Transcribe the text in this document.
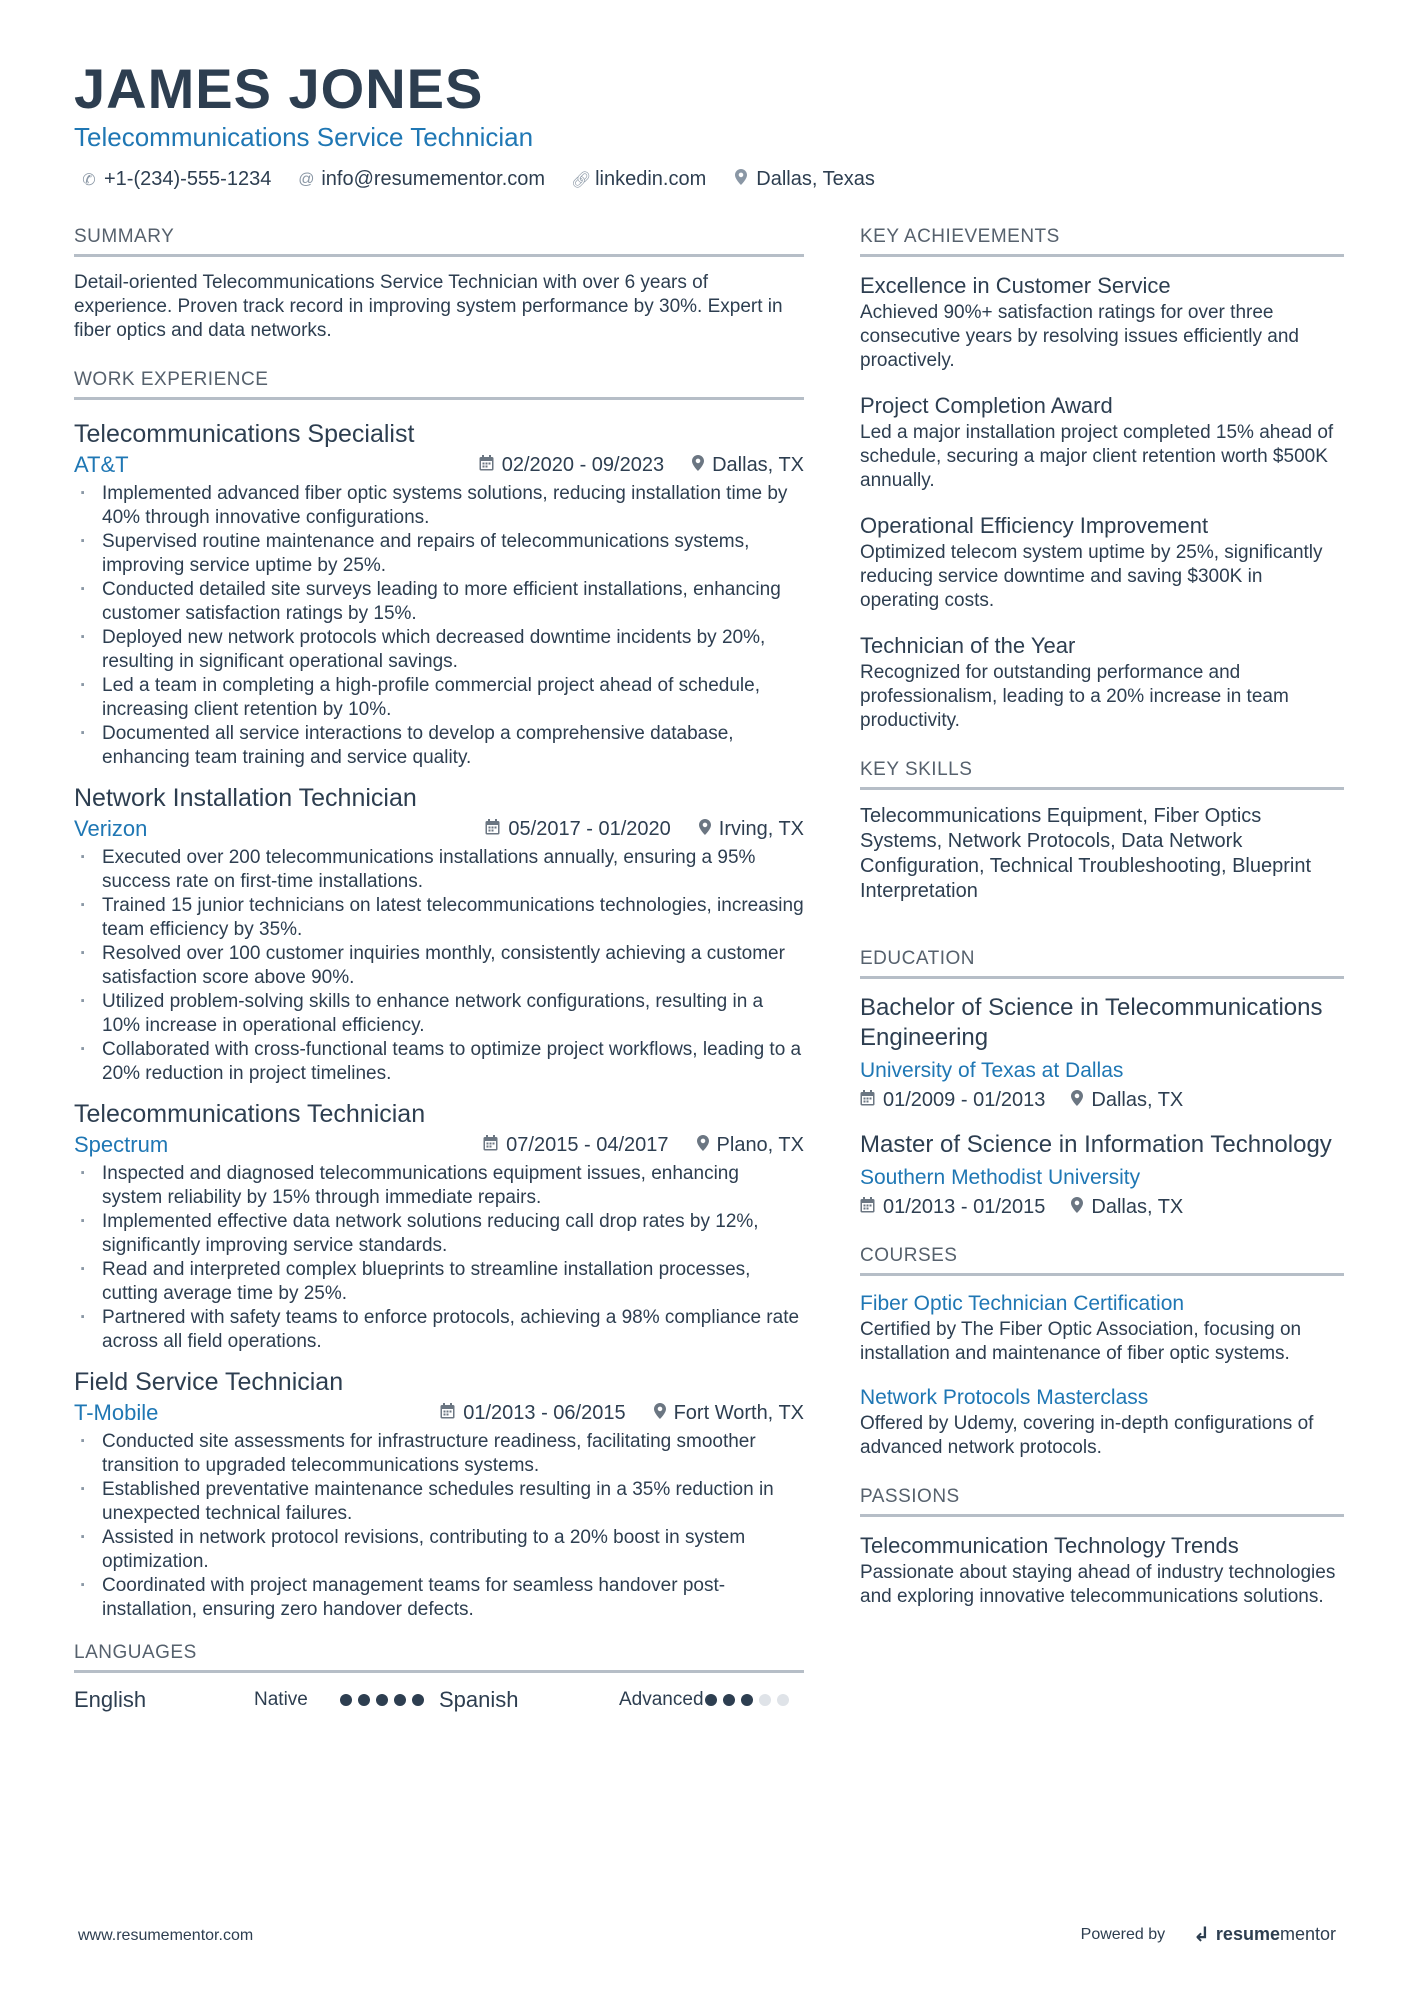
JAMES JONES
Telecommunications Service Technician
✆ +1-(234)-555-1234 @ info@resumementor.com 🔗︎ linkedin.com	Dallas, Texas
SUMMARY
Detail-oriented Telecommunications Service Technician with over 6 years of experience. Proven track record in improving system performance by 30%. Expert in fiber optics and data networks.
WORK EXPERIENCE
Telecommunications Specialist
AT&T	02/2020 - 09/2023 Dallas, TX
· Implemented advanced fiber optic systems solutions, reducing installation time by 40% through innovative configurations.
· Supervised routine maintenance and repairs of telecommunications systems, improving service uptime by 25%.
· Conducted detailed site surveys leading to more efficient installations, enhancing customer satisfaction ratings by 15%.
· Deployed new network protocols which decreased downtime incidents by 20%, resulting in significant operational savings.
· Led a team in completing a high-profile commercial project ahead of schedule, increasing client retention by 10%.
· Documented all service interactions to develop a comprehensive database, enhancing team training and service quality.
Network Installation Technician
Verizon	05/2017 - 01/2020 Irving, TX
· Executed over 200 telecommunications installations annually, ensuring a 95% success rate on first-time installations.
· Trained 15 junior technicians on latest telecommunications technologies, increasing team efficiency by 35%.
· Resolved over 100 customer inquiries monthly, consistently achieving a customer satisfaction score above 90%.
· Utilized problem-solving skills to enhance network configurations, resulting in a 10% increase in operational efficiency.
· Collaborated with cross-functional teams to optimize project workflows, leading to a 20% reduction in project timelines.
Telecommunications Technician
Spectrum	07/2015 - 04/2017 Plano, TX
· Inspected and diagnosed telecommunications equipment issues, enhancing system reliability by 15% through immediate repairs.
· Implemented effective data network solutions reducing call drop rates by 12%, significantly improving service standards.
· Read and interpreted complex blueprints to streamline installation processes, cutting average time by 25%.
· Partnered with safety teams to enforce protocols, achieving a 98% compliance rate across all field operations.
Field Service Technician
T-Mobile	01/2013 - 06/2015 Fort Worth, TX
· Conducted site assessments for infrastructure readiness, facilitating smoother transition to upgraded telecommunications systems.
· Established preventative maintenance schedules resulting in a 35% reduction in unexpected technical failures.
· Assisted in network protocol revisions, contributing to a 20% boost in system optimization.
· Coordinated with project management teams for seamless handover post-installation, ensuring zero handover defects.
LANGUAGES
English	Native	Spanish	Advanced
KEY ACHIEVEMENTS
Excellence in Customer Service
Achieved 90%+ satisfaction ratings for over three consecutive years by resolving issues efficiently and proactively.
Project Completion Award
Led a major installation project completed 15% ahead of schedule, securing a major client retention worth $500K annually.
Operational Efficiency Improvement
Optimized telecom system uptime by 25%, significantly reducing service downtime and saving $300K in operating costs.
Technician of the Year
Recognized for outstanding performance and professionalism, leading to a 20% increase in team productivity.
KEY SKILLS
Telecommunications Equipment, Fiber Optics Systems, Network Protocols, Data Network Configuration, Technical Troubleshooting, Blueprint Interpretation
EDUCATION
Bachelor of Science in Telecommunications Engineering
University of Texas at Dallas
01/2009 - 01/2013 Dallas, TX
Master of Science in Information Technology
Southern Methodist University
01/2013 - 01/2015 Dallas, TX
COURSES
Fiber Optic Technician Certification
Certified by The Fiber Optic Association, focusing on installation and maintenance of fiber optic systems.
Network Protocols Masterclass
Offered by Udemy, covering in-depth configurations of advanced network protocols.
PASSIONS
Telecommunication Technology Trends
Passionate about staying ahead of industry technologies and exploring innovative telecommunications solutions.
www.resumementor.com	Powered by ↲ resumementor
